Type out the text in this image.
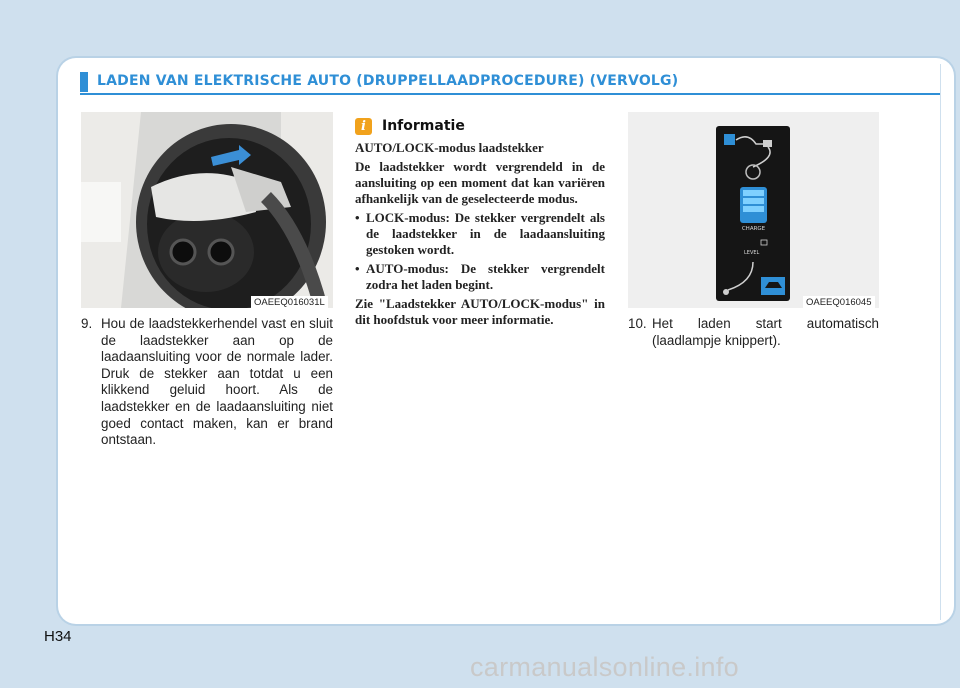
LADEN VAN ELEKTRISCHE AUTO (DRUPPELLAADPROCEDURE) (VERVOLG)
OAEEQ016031L
CHARGE
LEVEL
OAEEQ016045
9. Hou de laadstekkerhendel vast en sluit de laadstekker aan op de laadaansluiting voor de normale lader. Druk de stekker aan totdat u een klikkend geluid hoort. Als de laadstekker en de laadaansluiting niet goed contact maken, kan er brand ontstaan.
i	Informatie

AUTO/LOCK-modus laadstekker

De laadstekker wordt vergrendeld in de aansluiting op een moment dat kan variëren afhankelijk van de geselecteerde modus.

• LOCK-modus: De stekker vergrendelt als de laadstekker in de laadaansluiting gestoken wordt.
• AUTO-modus: De stekker vergrendelt zodra het laden begint.

Zie "Laadstekker AUTO/LOCK-modus" in dit hoofdstuk voor meer informatie.	10. Het laden start automatisch (laadlampje knippert).
H34
carmanualsonline.info
